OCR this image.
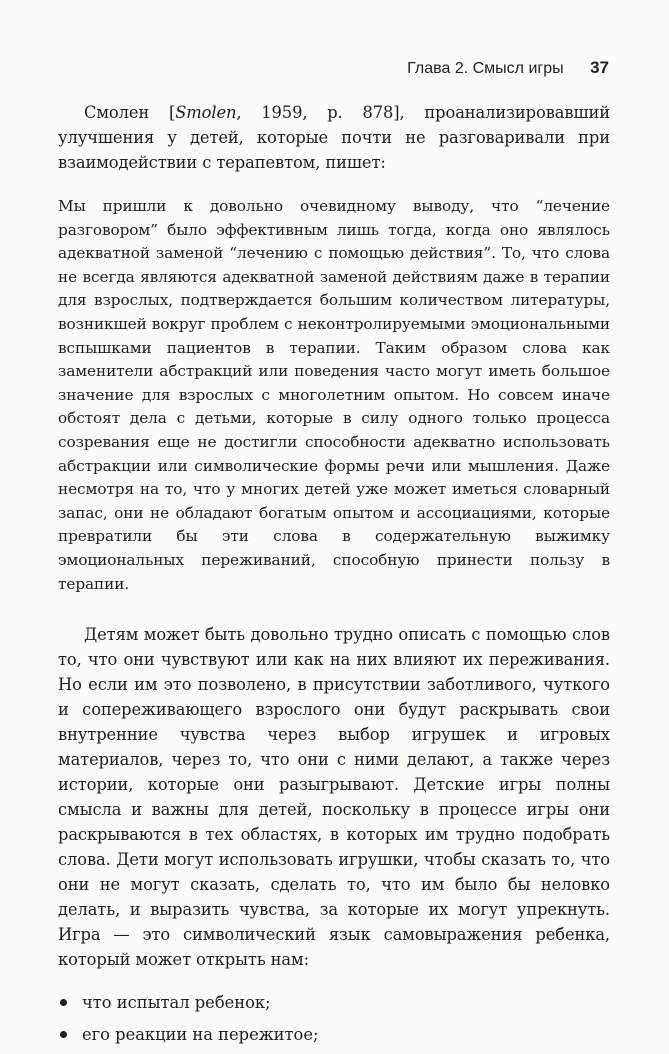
Глава 2. Смысл игры 37

Смолен [Smolen, 1959, p. 878], проанализировавший улучшения у детей, которые почти не разговаривали при взаимодействии с терапевтом, пишет:

Мы пришли к довольно очевидному выводу, что “лечение разговором” было эффективным лишь тогда, когда оно являлось адекватной заменой “лечению с помощью действия”. То, что слова не всегда являются адекватной заменой действиям даже в терапии для взрослых, подтверждается большим количеством литературы, возникшей вокруг проблем с неконтролируемыми эмоциональными вспышками пациентов в терапии. Таким образом слова как заменители абстракций или поведения часто могут иметь большое значение для взрослых с многолетним опытом. Но совсем иначе обстоят дела с детьми, которые в силу одного только процесса созревания еще не достигли способности адекватно использовать абстракции или символические формы речи или мышления. Даже несмотря на то, что у многих детей уже может иметься словарный запас, они не обладают богатым опытом и ассоциациями, которые превратили бы эти слова в содержательную выжимку эмоциональных переживаний, способную принести пользу в терапии.

Детям может быть довольно трудно описать с помощью слов то, что они чувствуют или как на них влияют их переживания. Но если им это позволено, в присутствии заботливого, чуткого и сопереживающего взрослого они будут раскрывать свои внутренние чувства через выбор игрушек и игровых материалов, через то, что они с ними делают, а также через истории, которые они разыгрывают. Детские игры полны смысла и важны для детей, поскольку в процессе игры они раскрываются в тех областях, в которых им трудно подобрать слова. Дети могут использовать игрушки, чтобы сказать то, что они не могут сказать, сделать то, что им было бы неловко делать, и выразить чувства, за которые их могут упрекнуть. Игра — это символический язык самовыражения ребенка, который может открыть нам:

что испытал ребенок;
его реакции на пережитое;
